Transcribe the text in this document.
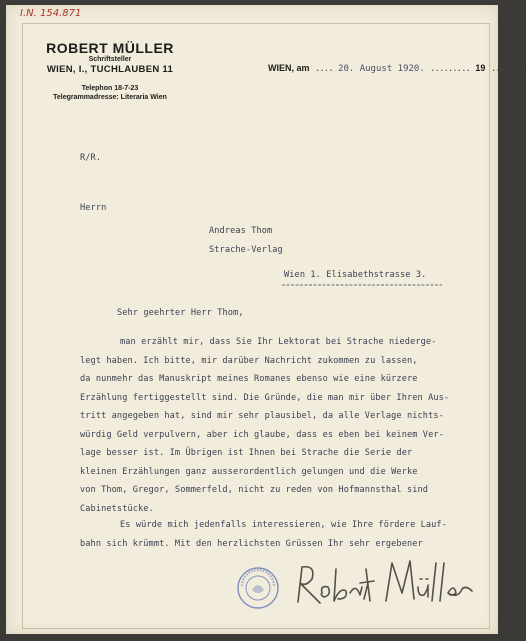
I.N. 154.871
ROBERT MÜLLER
Schriftsteller
WIEN, I., TUCHLAUBEN 11
Telephon 18-7-23
Telegrammadresse: Literaria Wien
WIEN, am .... 20. August 1920. ......... 19 ........
R/R.
Herrn
Andreas Thom
Strache-Verlag
Wien 1. Elisabethstrasse 3.
Sehr geehrter Herr Thom,
man erzählt mir, dass Sie Ihr Lektorat bei Strache niederge-
legt haben. Ich bitte, mir darüber Nachricht zukommen zu lassen,
da nunmehr das Manuskript meines Romanes ebenso wie eine kürzere
Erzählung fertiggestellt sind. Die Gründe, die man mir über Ihren Aus-
tritt angegeben hat, sind mir sehr plausibel, da alle Verlage nichts-
würdig Geld verpulvern, aber ich glaube, dass es eben bei keinem Ver-
lage besser ist. Im Übrigen ist Ihnen bei Strache die Serie der
kleinen Erzählungen ganz ausserordentlich gelungen und die Werke
von Thom, Gregor, Sommerfeld, nicht zu reden von Hofmannsthal sind
Cabinetstücke.
Es würde mich jedenfalls interessieren, wie Ihre fördere Lauf-
bahn sich krümmt. Mit den herzlichsten Grüssen Ihr sehr ergebener
